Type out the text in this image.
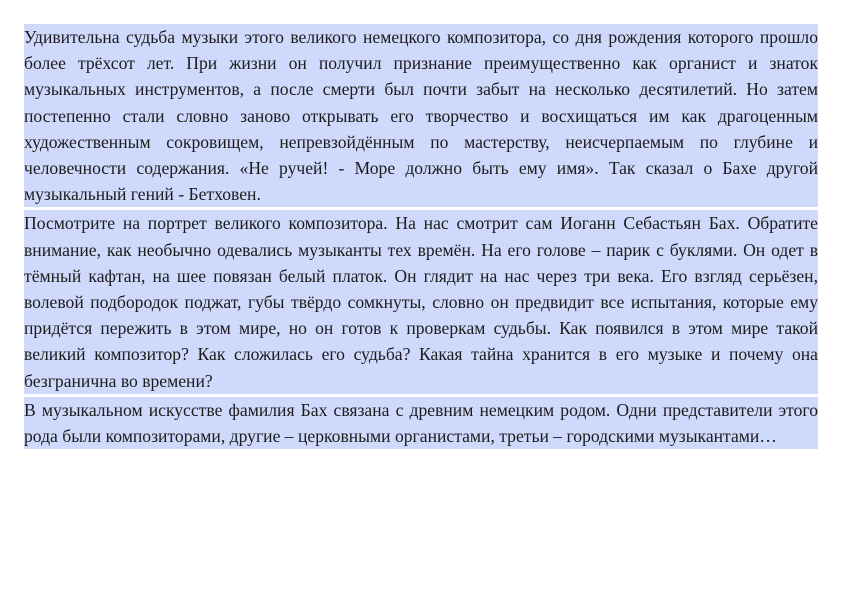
Удивительна судьба музыки этого великого немецкого композитора, со дня рождения которого прошло более трёхсот лет. При жизни он получил признание преимущественно как органист и знаток музыкальных инструментов, а после смерти был почти забыт на несколько десятилетий. Но затем постепенно стали словно заново открывать его творчество и восхищаться им как драгоценным художественным сокровищем, непревзойдённым по мастерству, неисчерпаемым по глубине и человечности содержания. «Не ручей! - Море должно быть ему имя». Так сказал о Бахе другой музыкальный гений - Бетховен.

Посмотрите на портрет великого композитора. На нас смотрит сам Иоганн Себастьян Бах. Обратите внимание, как необычно одевались музыканты тех времён. На его голове – парик с буклями. Он одет в тёмный кафтан, на шее повязан белый платок. Он глядит на нас через три века. Его взгляд серьёзен, волевой подбородок поджат, губы твёрдо сомкнуты, словно он предвидит все испытания, которые ему придётся пережить в этом мире, но он готов к проверкам судьбы. Как появился в этом мире такой великий композитор? Как сложилась его судьба? Какая тайна хранится в его музыке и почему она безгранична во времени?

В музыкальном искусстве фамилия Бах связана с древним немецким родом. Одни представители этого рода были композиторами, другие – церковными органистами, третьи – городскими музыкантами…
